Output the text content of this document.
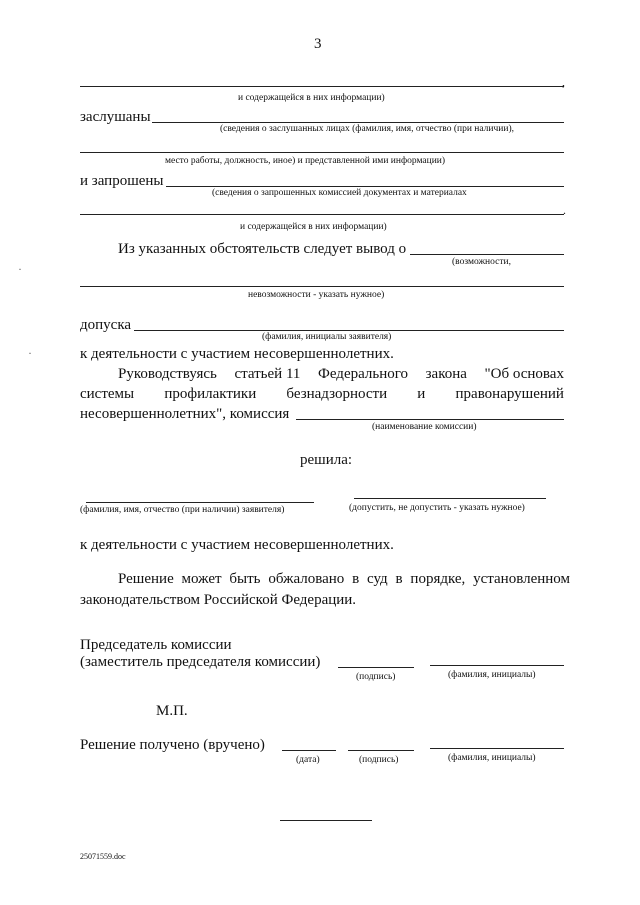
3
,
и содержащейся в них информации)
заслушаны
(сведения о заслушанных лицах (фамилия, имя, отчество (при наличии),
место работы, должность, иное) и представленной ими информации)
и запрошены
(сведения о запрошенных комиссией документах и материалах
.
и содержащейся в них информации)
Из указанных обстоятельств следует вывод о
(возможности,
невозможности - указать нужное)
допуска
(фамилия, инициалы заявителя)
к деятельности с участием несовершеннолетних.
Руководствуясь статьей 11 Федерального закона "Об основах
системы профилактики безнадзорности и правонарушений
несовершеннолетних", комиссия
(наименование комиссии)
решила:
(фамилия, имя, отчество (при наличии) заявителя)	(допустить, не допустить - указать нужное)
к деятельности с участием несовершеннолетних.
Решение может быть обжаловано в суд в порядке, установленном
законодательством Российской Федерации.
Председатель комиссии
(заместитель председателя комиссии)
(подпись)	(фамилия, инициалы)
М.П.
Решение получено (вручено)
(дата)	(подпись)	(фамилия, инициалы)
25071559.doc
·
·
